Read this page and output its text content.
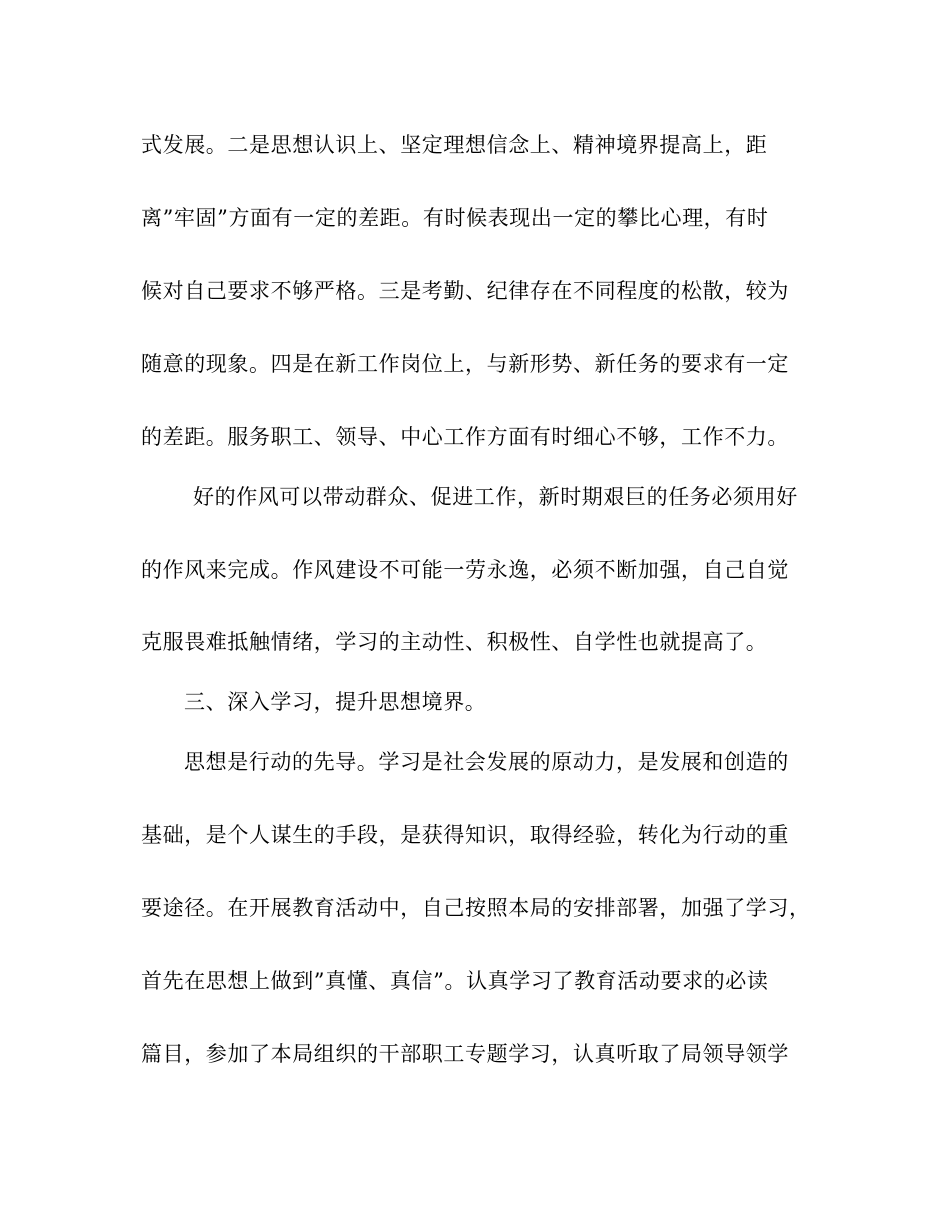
式发展。二是思想认识上、坚定理想信念上、精神境界提高上，距
离”牢固”方面有一定的差距。有时候表现出一定的攀比心理，有时
候对自己要求不够严格。三是考勤、纪律存在不同程度的松散，较为
随意的现象。四是在新工作岗位上，与新形势、新任务的要求有一定
的差距。服务职工、领导、中心工作方面有时细心不够，工作不力。
好的作风可以带动群众、促进工作，新时期艰巨的任务必须用好
的作风来完成。作风建设不可能一劳永逸，必须不断加强，自己自觉
克服畏难抵触情绪，学习的主动性、积极性、自学性也就提高了。
三、深入学习，提升思想境界。
思想是行动的先导。学习是社会发展的原动力，是发展和创造的
基础，是个人谋生的手段，是获得知识，取得经验，转化为行动的重
要途径。在开展教育活动中，自己按照本局的安排部署，加强了学习，
首先在思想上做到”真懂、真信”。认真学习了教育活动要求的必读
篇目，参加了本局组织的干部职工专题学习，认真听取了局领导领学
